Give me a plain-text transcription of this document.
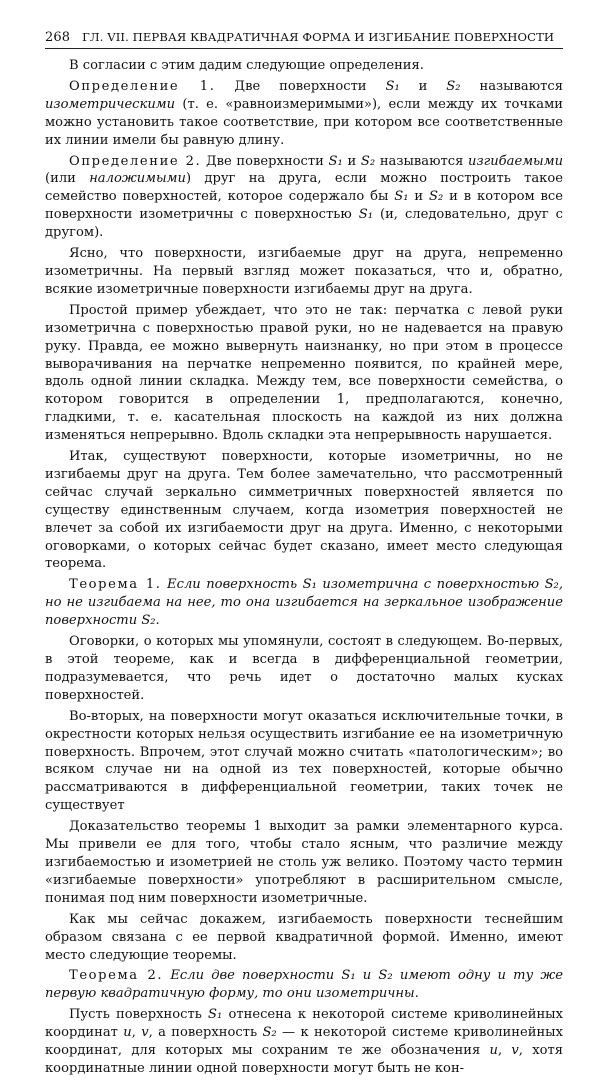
268 ГЛ. VII. ПЕРВАЯ КВАДРАТИЧНАЯ ФОРМА И ИЗГИБАНИЕ ПОВЕРХНОСТИ

В согласии с этим дадим следующие определения.

Определение 1. Две поверхности S₁ и S₂ называются изометрическими (т. е. «равноизмеримыми»), если между их точками можно установить такое соответствие, при котором все соответственные их линии имели бы равную длину.

Определение 2. Две поверхности S₁ и S₂ называются изгибаемыми (или наложимыми) друг на друга, если можно построить такое семейство поверхностей, которое содержало бы S₁ и S₂ и в котором все поверхности изометричны с поверхностью S₁ (и, следовательно, друг с другом).

Ясно, что поверхности, изгибаемые друг на друга, непременно изометричны. На первый взгляд может показаться, что и, обратно, всякие изометричные поверхности изгибаемы друг на друга.

Простой пример убеждает, что это не так: перчатка с левой руки изометрична с поверхностью правой руки, но не надевается на правую руку. Правда, ее можно вывернуть наизнанку, но при этом в процессе выворачивания на перчатке непременно появится, по крайней мере, вдоль одной линии складка. Между тем, все поверхности семейства, о котором говорится в определении 1, предполагаются, конечно, гладкими, т. е. касательная плоскость на каждой из них должна изменяться непрерывно. Вдоль складки эта непрерывность нарушается.

Итак, существуют поверхности, которые изометричны, но не изгибаемы друг на друга. Тем более замечательно, что рассмотренный сейчас случай зеркально симметричных поверхностей является по существу единственным случаем, когда изометрия поверхностей не влечет за собой их изгибаемости друг на друга. Именно, с некоторыми оговорками, о которых сейчас будет сказано, имеет место следующая теорема.

Теорема 1. Если поверхность S₁ изометрична с поверхностью S₂, но не изгибаема на нее, то она изгибается на зеркальное изображение поверхности S₂.

Оговорки, о которых мы упомянули, состоят в следующем. Во-первых, в этой теореме, как и всегда в дифференциальной геометрии, подразумевается, что речь идет о достаточно малых кусках поверхностей.

Во-вторых, на поверхности могут оказаться исключительные точки, в окрестности которых нельзя осуществить изгибание ее на изометричную поверхность. Впрочем, этот случай можно считать «патологическим»; во всяком случае ни на одной из тех поверхностей, которые обычно рассматриваются в дифференциальной геометрии, таких точек не существует

Доказательство теоремы 1 выходит за рамки элементарного курса. Мы привели ее для того, чтобы стало ясным, что различие между изгибаемостью и изометрией не столь уж велико. Поэтому часто термин «изгибаемые поверхности» употребляют в расширительном смысле, понимая под ним поверхности изометричные.

Как мы сейчас докажем, изгибаемость поверхности теснейшим образом связана с ее первой квадратичной формой. Именно, имеют место следующие теоремы.

Теорема 2. Если две поверхности S₁ и S₂ имеют одну и ту же первую квадратичную форму, то они изометричны.

Пусть поверхность S₁ отнесена к некоторой системе криволинейных координат u, v, а поверхность S₂ — к некоторой системе криволинейных координат, для которых мы сохраним те же обозначения u, v, хотя координатные линии одной поверхности могут быть не кон-
